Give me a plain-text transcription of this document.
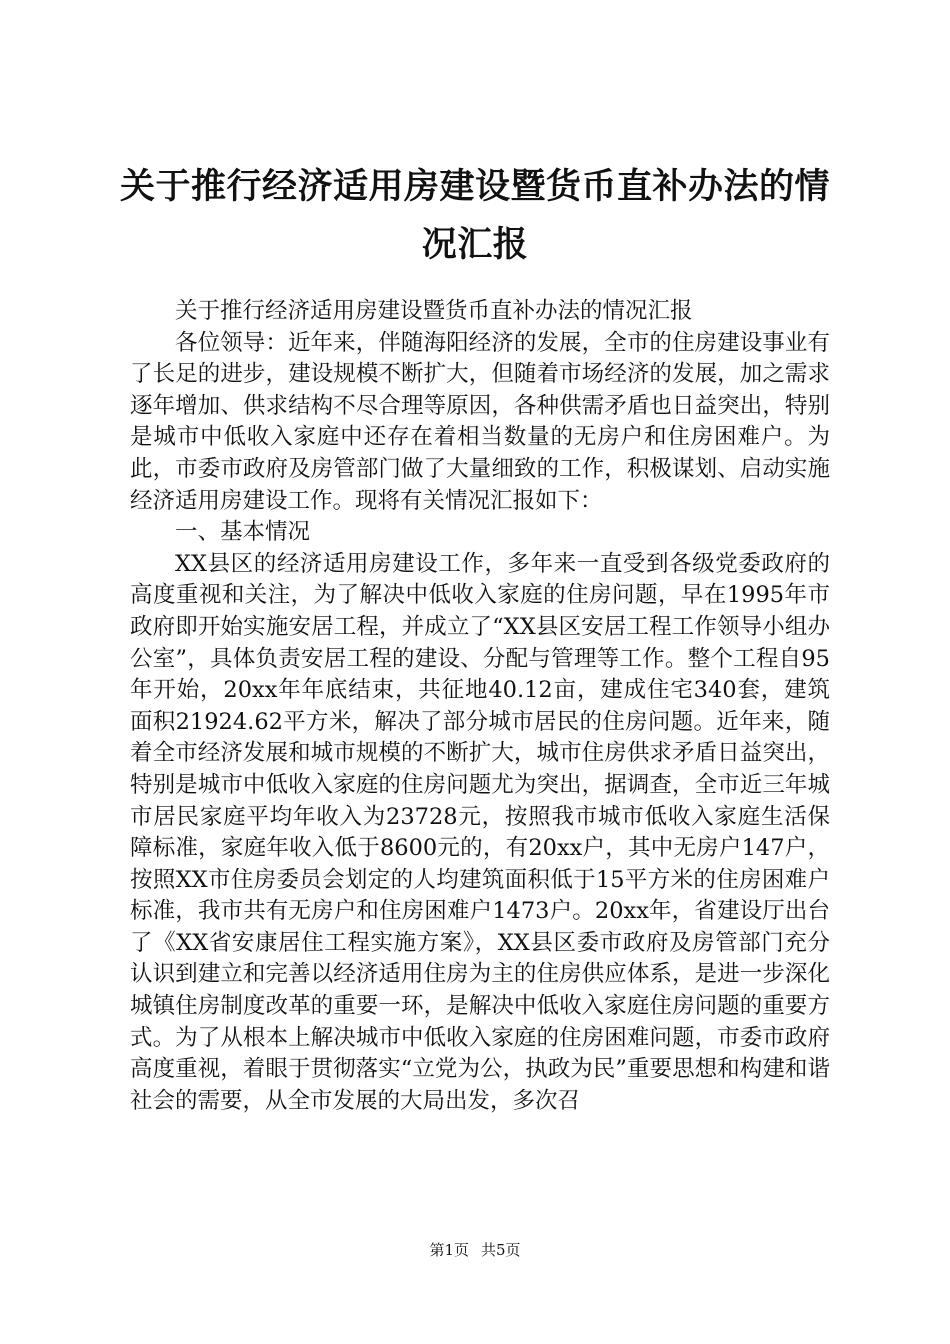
关于推行经济适用房建设暨货币直补办法的情
况汇报

关于推行经济适用房建设暨货币直补办法的情况汇报

各位领导：近年来，伴随海阳经济的发展，全市的住房建设事业有了长足的进步，建设规模不断扩大，但随着市场经济的发展，加之需求逐年增加、供求结构不尽合理等原因，各种供需矛盾也日益突出，特别是城市中低收入家庭中还存在着相当数量的无房户和住房困难户。为此，市委市政府及房管部门做了大量细致的工作，积极谋划、启动实施经济适用房建设工作。现将有关情况汇报如下：

一、基本情况

XX县区的经济适用房建设工作，多年来一直受到各级党委政府的高度重视和关注，为了解决中低收入家庭的住房问题，早在1995年市政府即开始实施安居工程，并成立了“XX县区安居工程工作领导小组办公室”，具体负责安居工程的建设、分配与管理等工作。整个工程自95年开始，20xx年年底结束，共征地40.12亩，建成住宅340套，建筑面积21924.62平方米，解决了部分城市居民的住房问题。近年来，随着全市经济发展和城市规模的不断扩大，城市住房供求矛盾日益突出，特别是城市中低收入家庭的住房问题尤为突出，据调查，全市近三年城市居民家庭平均年收入为23728元，按照我市城市低收入家庭生活保障标准，家庭年收入低于8600元的，有20xx户，其中无房户147户，按照XX市住房委员会划定的人均建筑面积低于15平方米的住房困难户标准，我市共有无房户和住房困难户1473户。20xx年，省建设厅出台了《XX省安康居住工程实施方案》，XX县区委市政府及房管部门充分认识到建立和完善以经济适用住房为主的住房供应体系，是进一步深化城镇住房制度改革的重要一环，是解决中低收入家庭住房问题的重要方式。为了从根本上解决城市中低收入家庭的住房困难问题，市委市政府高度重视，着眼于贯彻落实“立党为公，执政为民”重要思想和构建和谐社会的需要，从全市发展的大局出发，多次召

第1页 共5页
